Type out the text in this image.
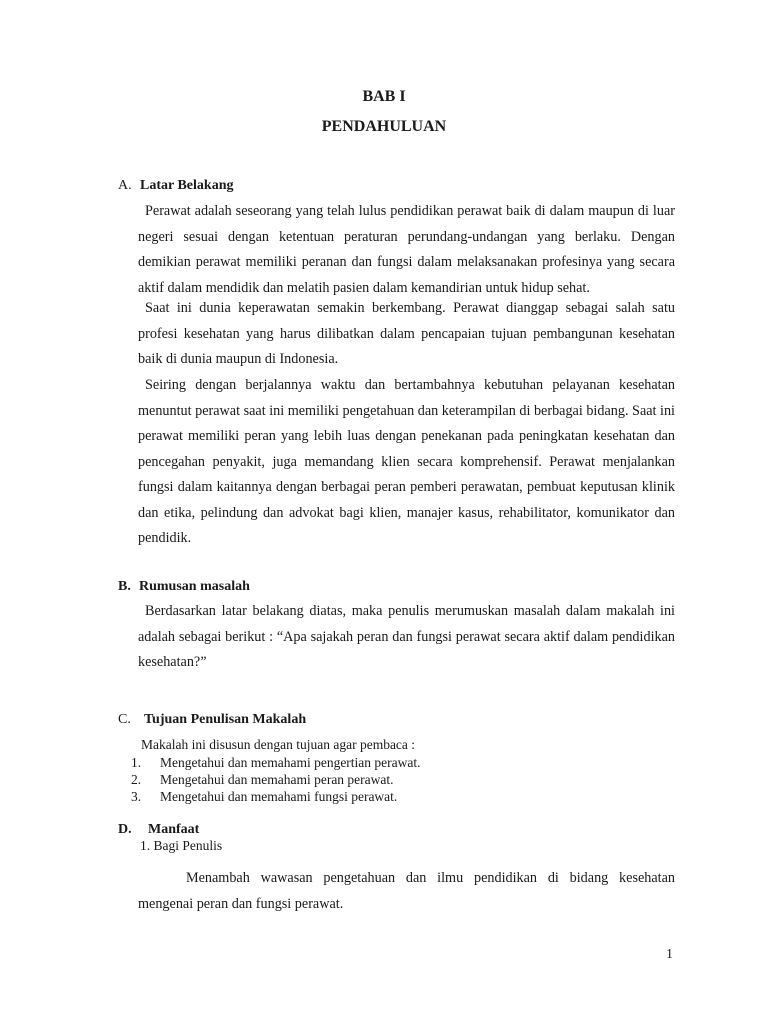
BAB I
PENDAHULUAN
A. Latar Belakang
Perawat adalah seseorang yang telah lulus pendidikan perawat baik di dalam maupun di luar negeri sesuai dengan ketentuan peraturan perundang-undangan yang berlaku. Dengan demikian perawat memiliki peranan dan fungsi dalam melaksanakan profesinya yang secara aktif dalam mendidik dan melatih pasien dalam kemandirian untuk hidup sehat.
Saat ini dunia keperawatan semakin berkembang. Perawat dianggap sebagai salah satu profesi kesehatan yang harus dilibatkan dalam pencapaian tujuan pembangunan kesehatan baik di dunia maupun di Indonesia.
Seiring dengan berjalannya waktu dan bertambahnya kebutuhan pelayanan kesehatan menuntut perawat saat ini memiliki pengetahuan dan keterampilan di berbagai bidang. Saat ini perawat memiliki peran yang lebih luas dengan penekanan pada peningkatan kesehatan dan pencegahan penyakit, juga memandang klien secara komprehensif. Perawat menjalankan fungsi dalam kaitannya dengan berbagai peran pemberi perawatan, pembuat keputusan klinik dan etika, pelindung dan advokat bagi klien, manajer kasus, rehabilitator, komunikator dan pendidik.
B. Rumusan masalah
Berdasarkan latar belakang diatas, maka penulis merumuskan masalah dalam makalah ini adalah sebagai berikut : “Apa sajakah peran dan fungsi perawat secara aktif dalam pendidikan kesehatan?”
C. Tujuan Penulisan Makalah
Makalah ini disusun dengan tujuan agar pembaca :
1. Mengetahui dan memahami pengertian perawat.
2. Mengetahui dan memahami peran perawat.
3. Mengetahui dan memahami fungsi perawat.
D. Manfaat
1. Bagi Penulis
Menambah wawasan pengetahuan dan ilmu pendidikan di bidang kesehatan mengenai peran dan fungsi perawat.
1
